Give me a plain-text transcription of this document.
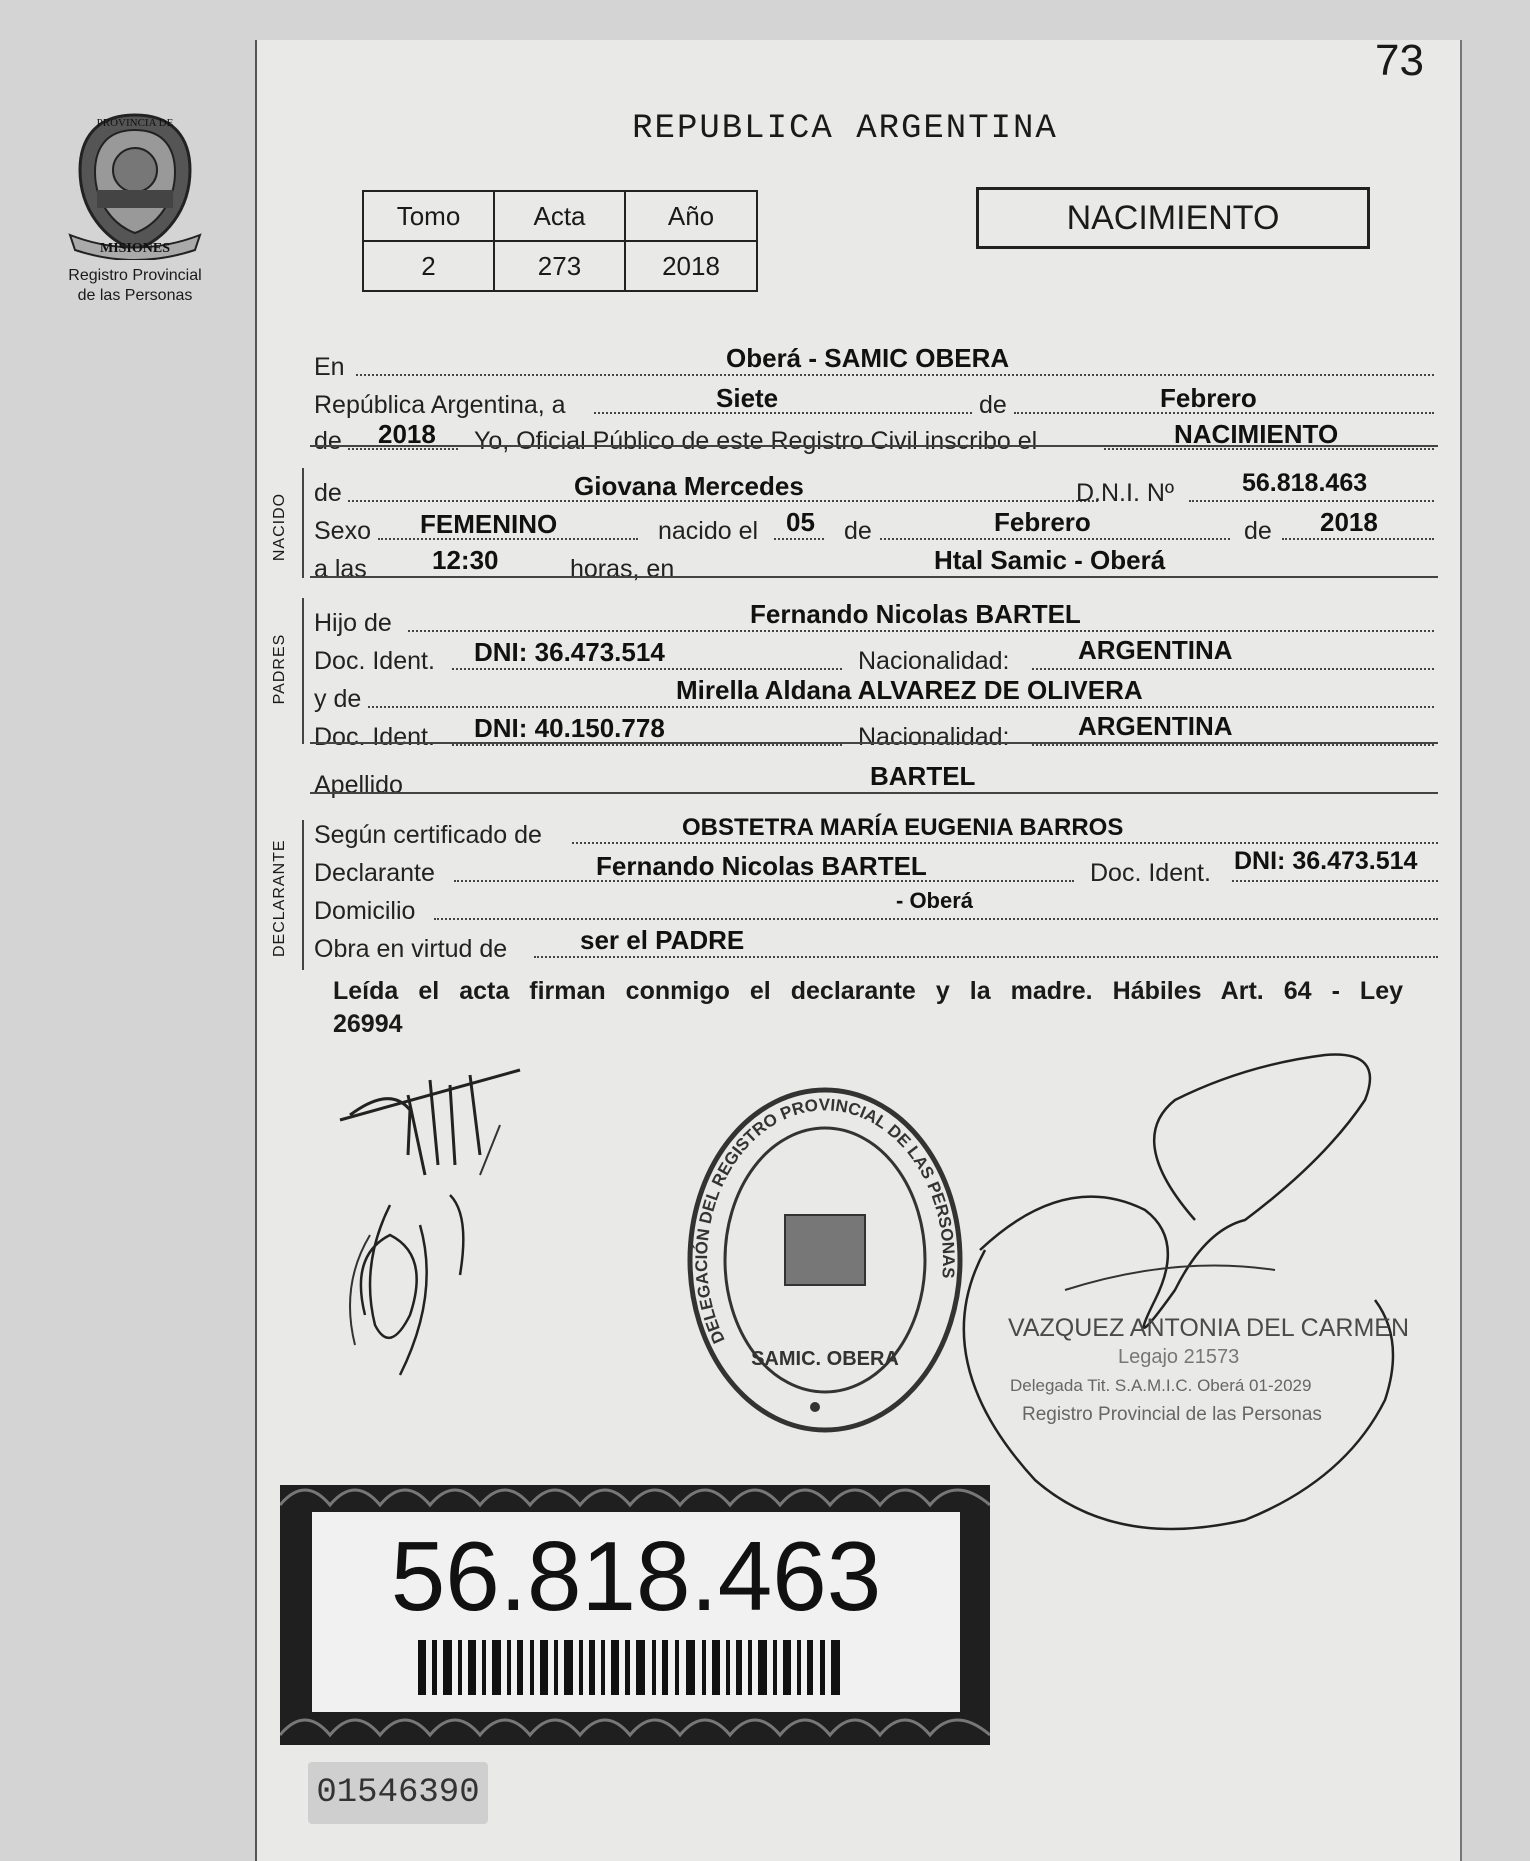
73
PROVINCIA DE
MISIONES
Registro Provincial
de las Personas
REPUBLICA ARGENTINA
Tomo	Acta	Año
2	273	2018
NACIMIENTO
En	Oberá - SAMIC OBERA
República Argentina, a	Siete	de	Febrero
de 2018 Yo, Oficial Público de este Registro Civil inscribo el	NACIMIENTO
NACIDO de	Giovana Mercedes	D.N.I. Nº	56.818.463
Sexo FEMENINO	nacido el 05 de	Febrero	de 2018
a las	12:30	horas, en	Htal Samic - Oberá
PADRES
Hijo de	Fernando Nicolas BARTEL
Doc. Ident. DNI: 36.473.514	Nacionalidad:	ARGENTINA
y de	Mirella Aldana ALVAREZ DE OLIVERA
Doc. Ident. DNI: 40.150.778	Nacionalidad:	ARGENTINA
Apellido	BARTEL
DECLARANTE
Según certificado de	OBSTETRA MARÍA EUGENIA BARROS
Declarante	Fernando Nicolas BARTEL	Doc. Ident. DNI: 36.473.514
Domicilio	- Oberá
Obra en virtud de	ser el PADRE
Leída el acta firman conmigo el declarante y la madre. Hábiles Art. 64 - Ley
26994
DELEGACIÓN DEL REGISTRO PROVINCIAL DE LAS PERSONAS
SAMIC. OBERA
VAZQUEZ ANTONIA DEL CARMEN
Legajo 21573
Delegada Tit. S.A.M.I.C. Oberá 01-2029
Registro Provincial de las Personas
56.818.463
01546390
